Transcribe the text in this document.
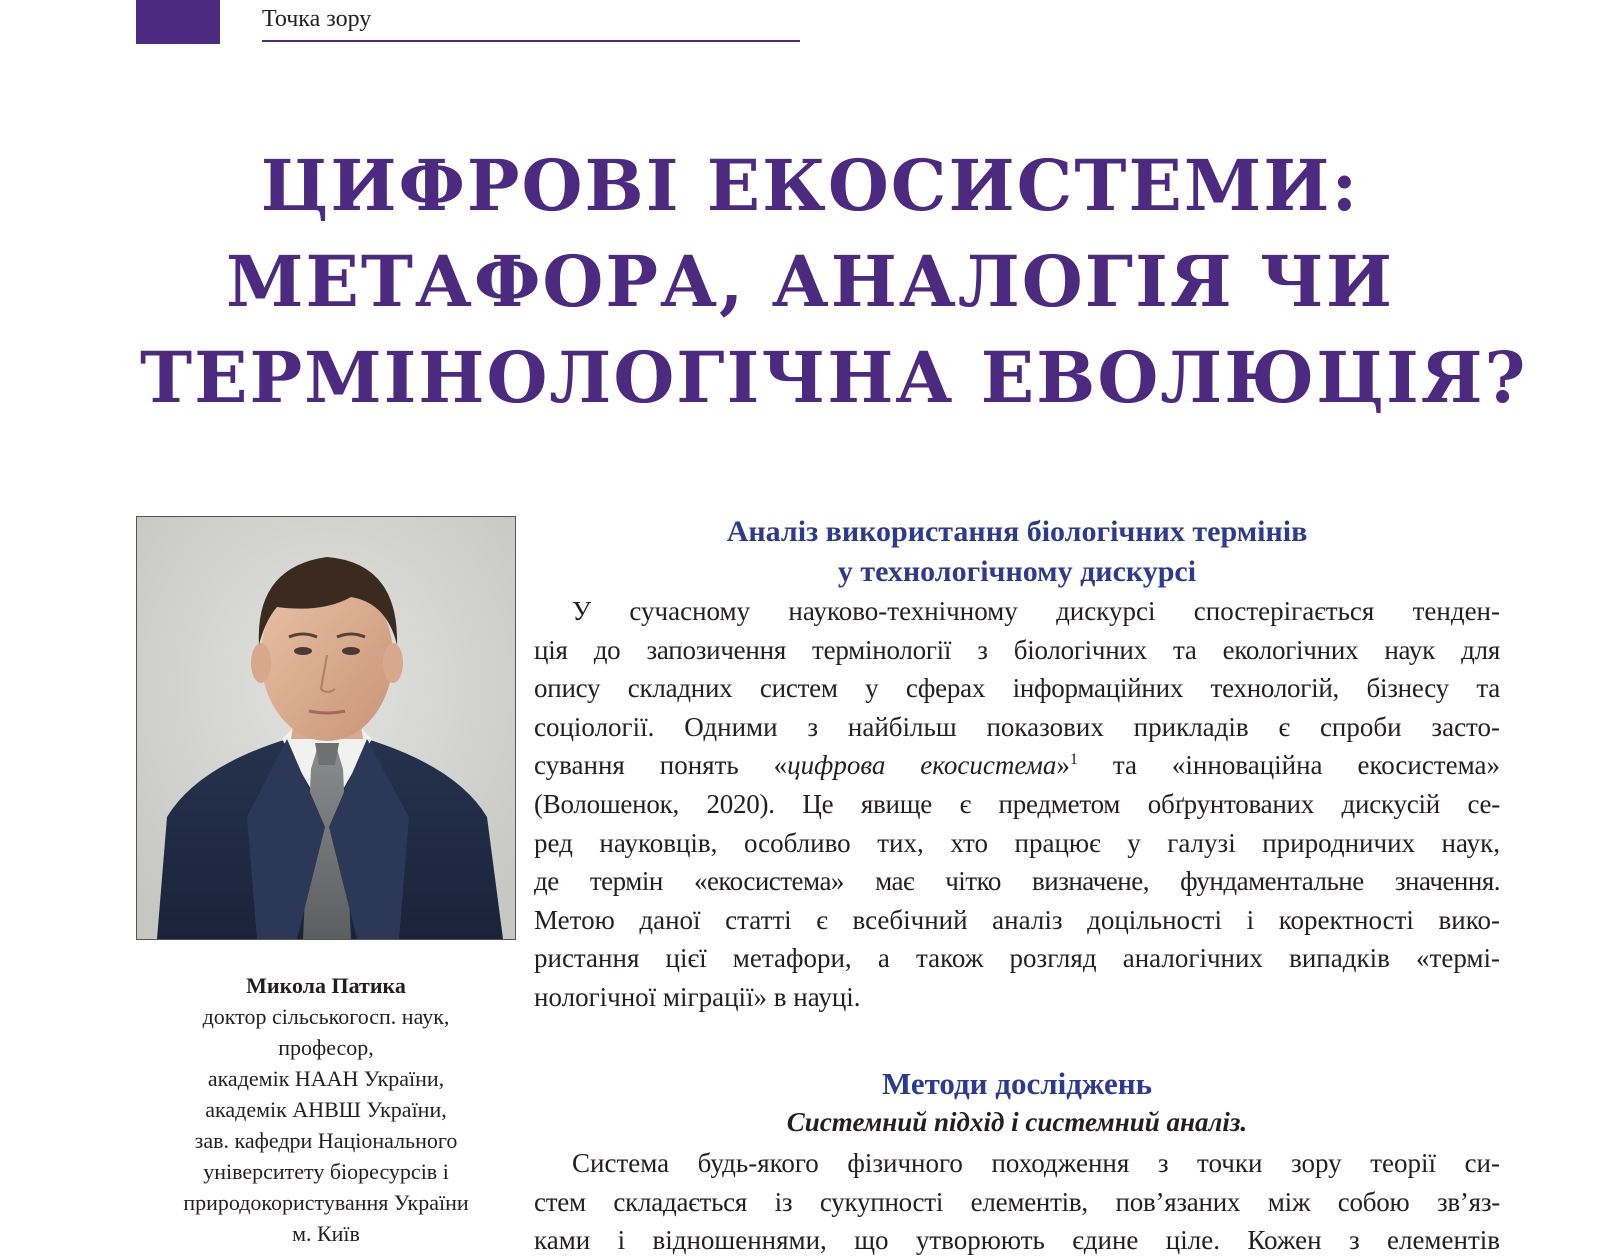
Точка зору
ЦИФРОВІ ЕКОСИСТЕМИ:
МЕТАФОРА, АНАЛОГІЯ ЧИ
ТЕРМІНОЛОГІЧНА ЕВОЛЮЦІЯ?
Микола Патика
доктор сільськогосп. наук,
професор,
академік НААН України,
академік АНВШ України,
зав. кафедри Національного
університету біоресурсів і
природокористування України
м. Київ
Аналіз використання біологічних термінів
у технологічному дискурсі

У сучасному науково-технічному дискурсі спостерігається тенден-
ція до запозичення термінології з біологічних та екологічних наук для
опису складних систем у сферах інформаційних технологій, бізнесу та
соціології. Одними з найбільш показових прикладів є спроби засто-
сування понять «цифрова екосистема»$^1$ та «інноваційна екосистема»
(Волошенок, 2020). Це явище є предметом обґрунтованих дискусій се-
ред науковців, особливо тих, хто працює у галузі природничих наук,
де термін «екосистема» має чітко визначене, фундаментальне значення.
Метою даної статті є всебічний аналіз доцільності і коректності вико-
ристання цієї метафори, а також розгляд аналогічних випадків «термі-
нологічної міграції» в науці.

Методи досліджень
Системний підхід і системний аналіз.

Система будь-якого фізичного походження з точки зору теорії си-
стем складається із сукупності елементів, пов’язаних між собою зв’яз-
ками і відношеннями, що утворюють єдине ціле. Кожен з елементів
